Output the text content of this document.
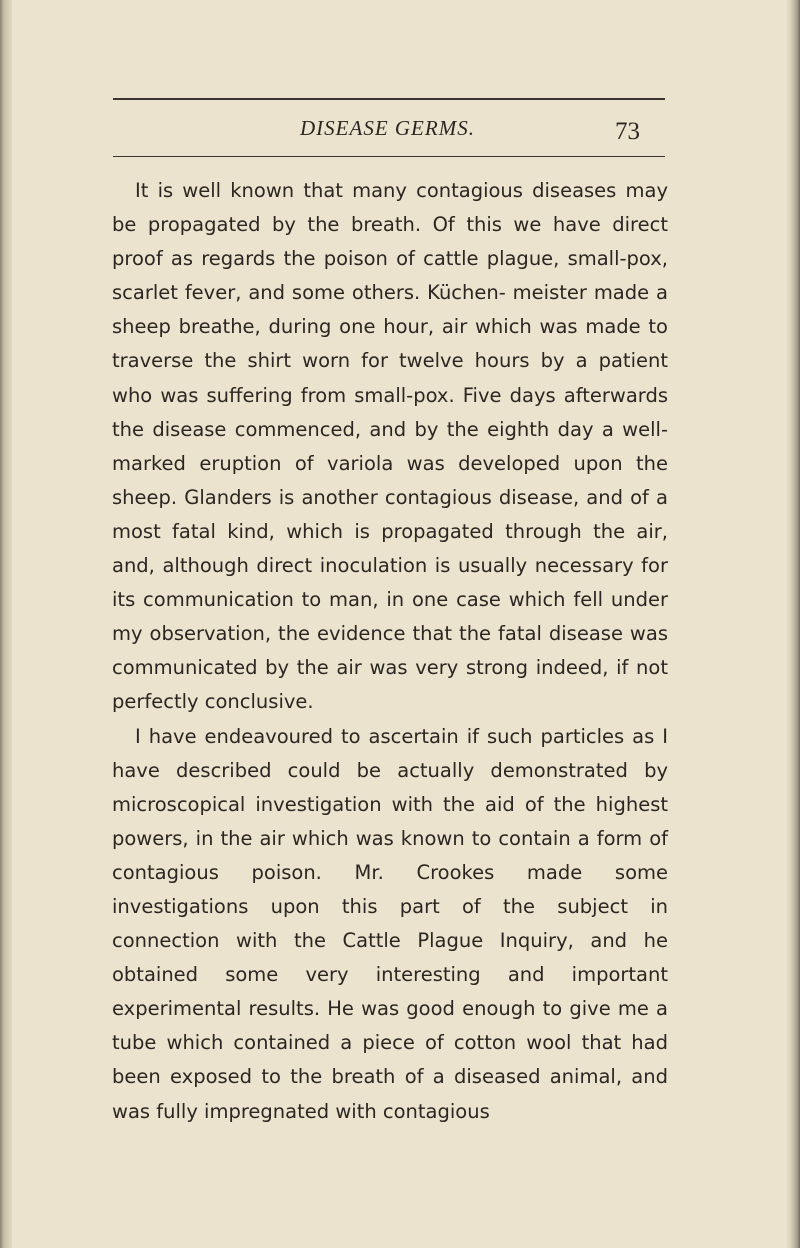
DISEASE GERMS.	73

It is well known that many contagious diseases may be propagated by the breath. Of this we have direct proof as regards the poison of cattle plague, small-pox, scarlet fever, and some others. Küchen- meister made a sheep breathe, during one hour, air which was made to traverse the shirt worn for twelve hours by a patient who was suffering from small-pox. Five days afterwards the disease commenced, and by the eighth day a well-marked eruption of variola was developed upon the sheep. Glanders is another contagious disease, and of a most fatal kind, which is propagated through the air, and, although direct inoculation is usually necessary for its communication to man, in one case which fell under my observation, the evidence that the fatal disease was communicated by the air was very strong indeed, if not perfectly conclusive.

I have endeavoured to ascertain if such particles as I have described could be actually demonstrated by microscopical investigation with the aid of the highest powers, in the air which was known to contain a form of contagious poison. Mr. Crookes made some investigations upon this part of the subject in connection with the Cattle Plague Inquiry, and he obtained some very interesting and important experimental results. He was good enough to give me a tube which contained a piece of cotton wool that had been exposed to the breath of a diseased animal, and was fully impregnated with contagious
